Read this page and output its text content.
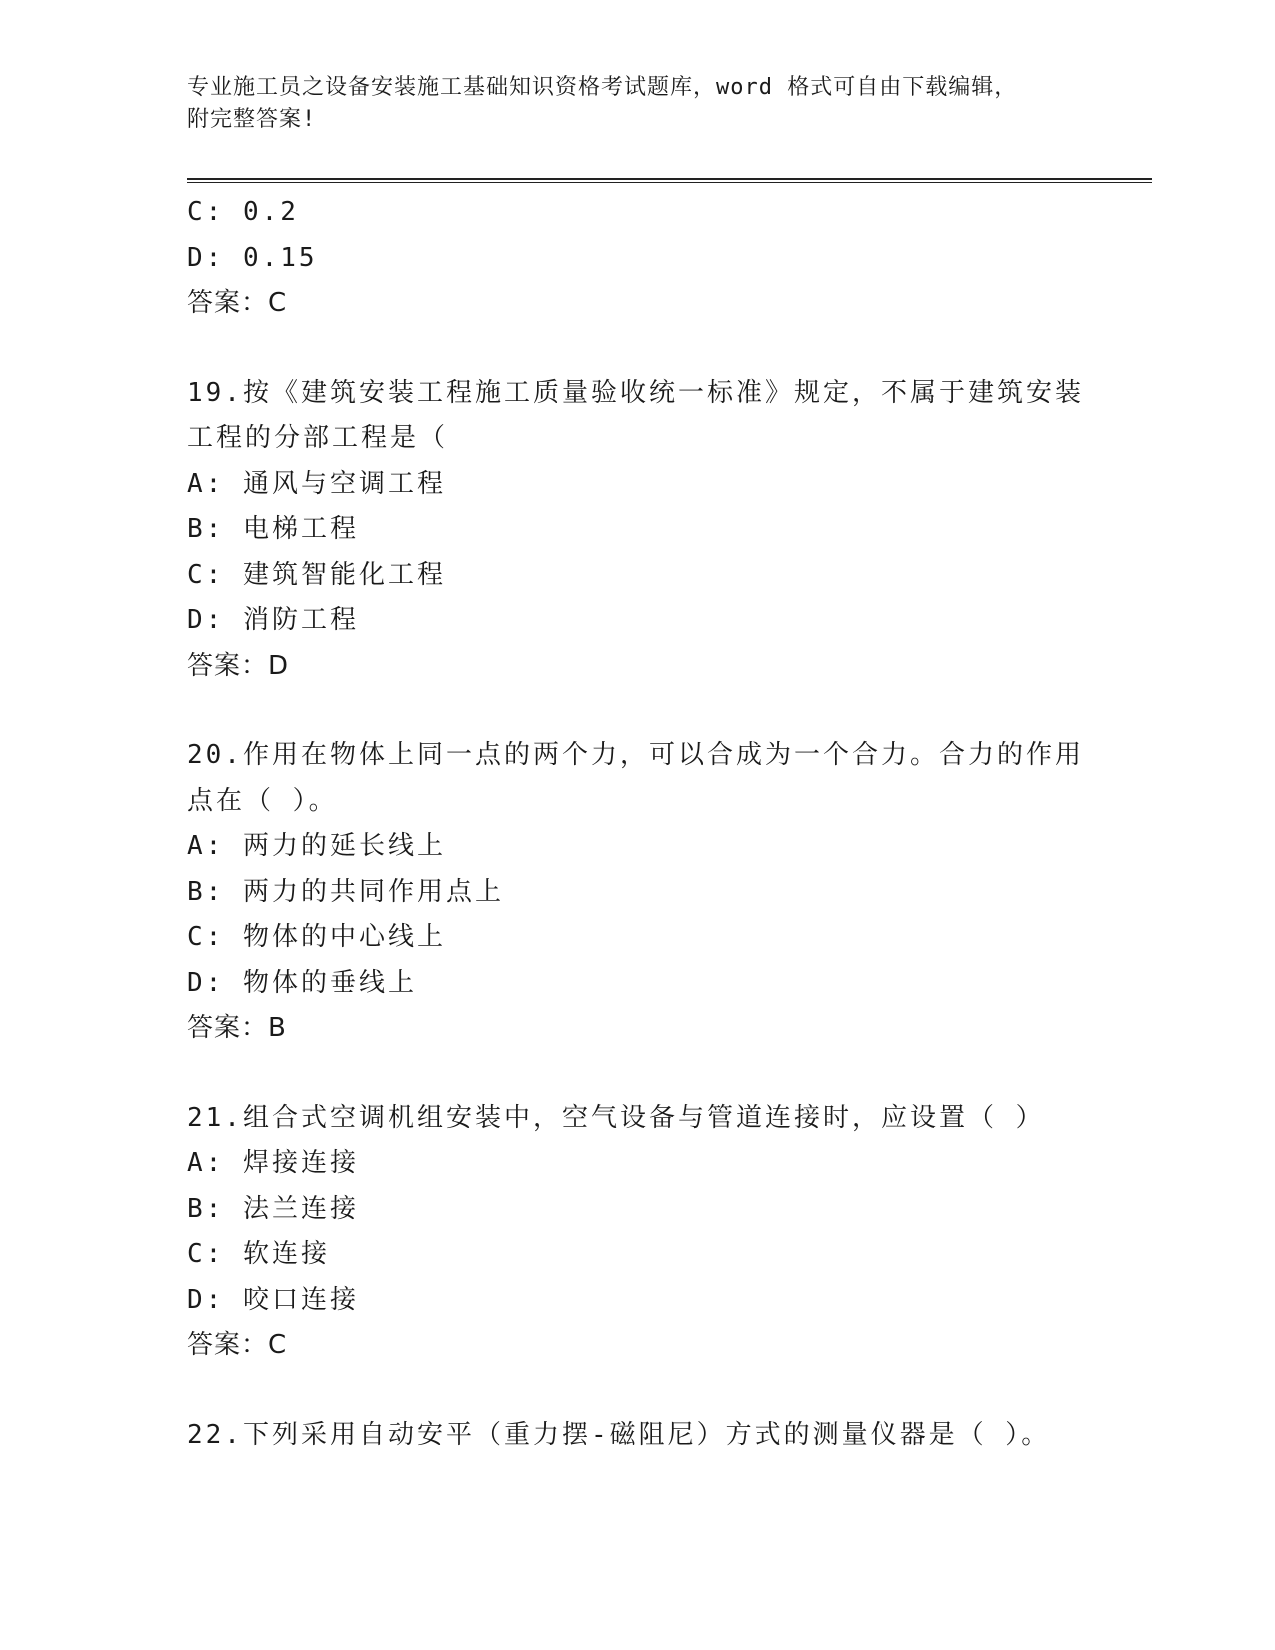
专业施工员之设备安装施工基础知识资格考试题库，word 格式可自由下载编辑，
附完整答案!
C: 0.2
D: 0.15
答案：C
19.按《建筑安装工程施工质量验收统一标准》规定，不属于建筑安装
工程的分部工程是（
A: 通风与空调工程
B: 电梯工程
C: 建筑智能化工程
D: 消防工程
答案：D
20.作用在物体上同一点的两个力，可以合成为一个合力。合力的作用
点在（ ）。
A: 两力的延长线上
B: 两力的共同作用点上
C: 物体的中心线上
D: 物体的垂线上
答案：B
21.组合式空调机组安装中，空气设备与管道连接时，应设置（ ）
A: 焊接连接
B: 法兰连接
C: 软连接
D: 咬口连接
答案：C
22.下列采用自动安平（重力摆-磁阻尼）方式的测量仪器是（ ）。
